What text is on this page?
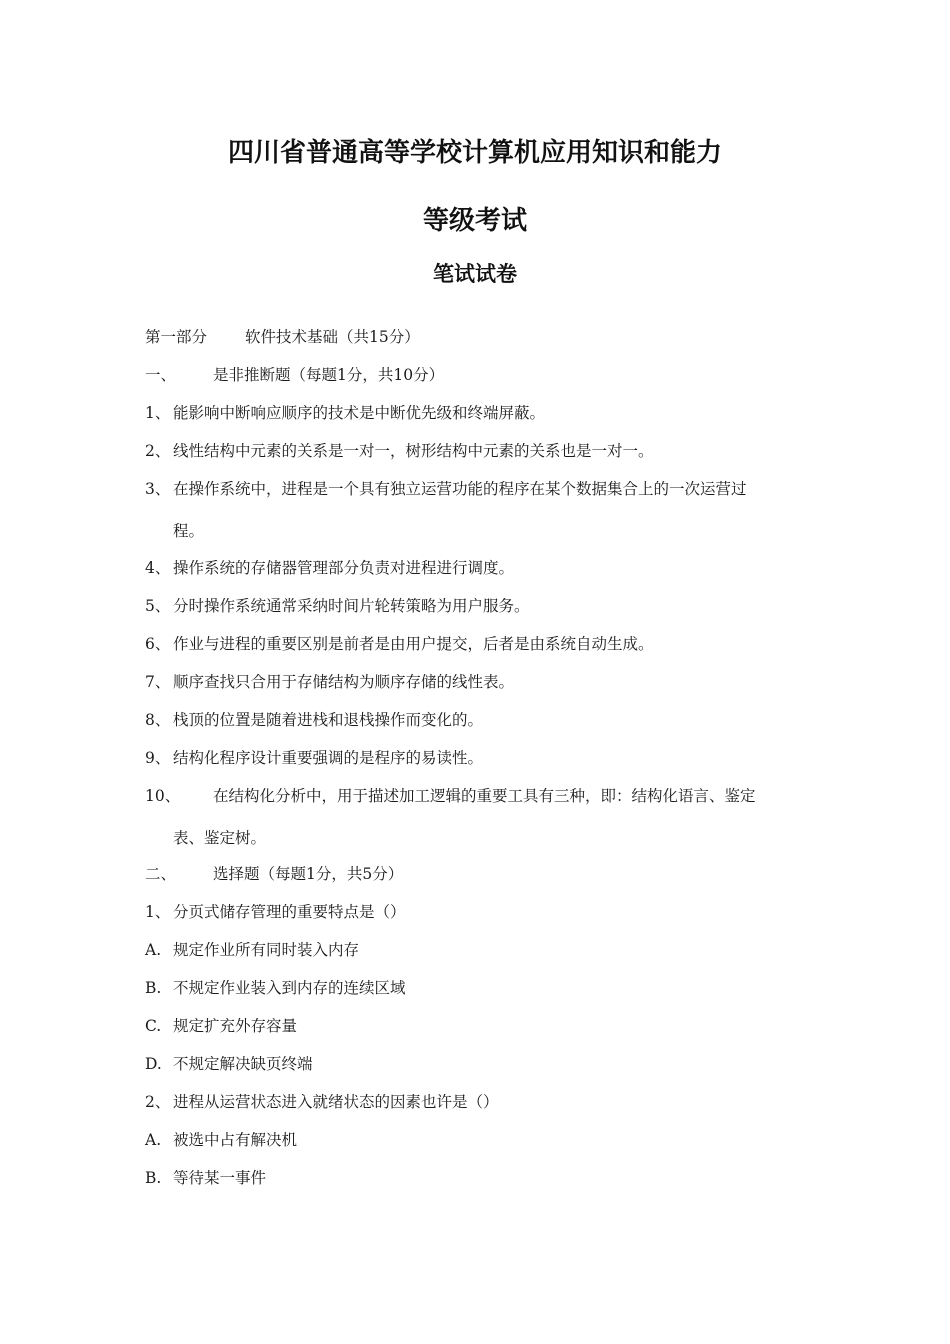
四川省普通高等学校计算机应用知识和能力
等级考试
笔试试卷
第一部分 软件技术基础（共15分）
一、 是非推断题（每题1分，共10分）
1、 能影响中断响应顺序的技术是中断优先级和终端屏蔽。
2、 线性结构中元素的关系是一对一，树形结构中元素的关系也是一对一。
3、 在操作系统中，进程是一个具有独立运营功能的程序在某个数据集合上的一次运营过
程。
4、 操作系统的存储器管理部分负责对进程进行调度。
5、 分时操作系统通常采纳时间片轮转策略为用户服务。
6、 作业与进程的重要区别是前者是由用户提交，后者是由系统自动生成。
7、 顺序查找只合用于存储结构为顺序存储的线性表。
8、 栈顶的位置是随着进栈和退栈操作而变化的。
9、 结构化程序设计重要强调的是程序的易读性。
10、 在结构化分析中，用于描述加工逻辑的重要工具有三种，即：结构化语言、鉴定
表、鉴定树。
二、 选择题（每题1分，共5分）
1、 分页式储存管理的重要特点是（）
A. 规定作业所有同时装入内存
B. 不规定作业装入到内存的连续区域
C. 规定扩充外存容量
D. 不规定解决缺页终端
2、 进程从运营状态进入就绪状态的因素也许是（）
A. 被选中占有解决机
B. 等待某一事件
